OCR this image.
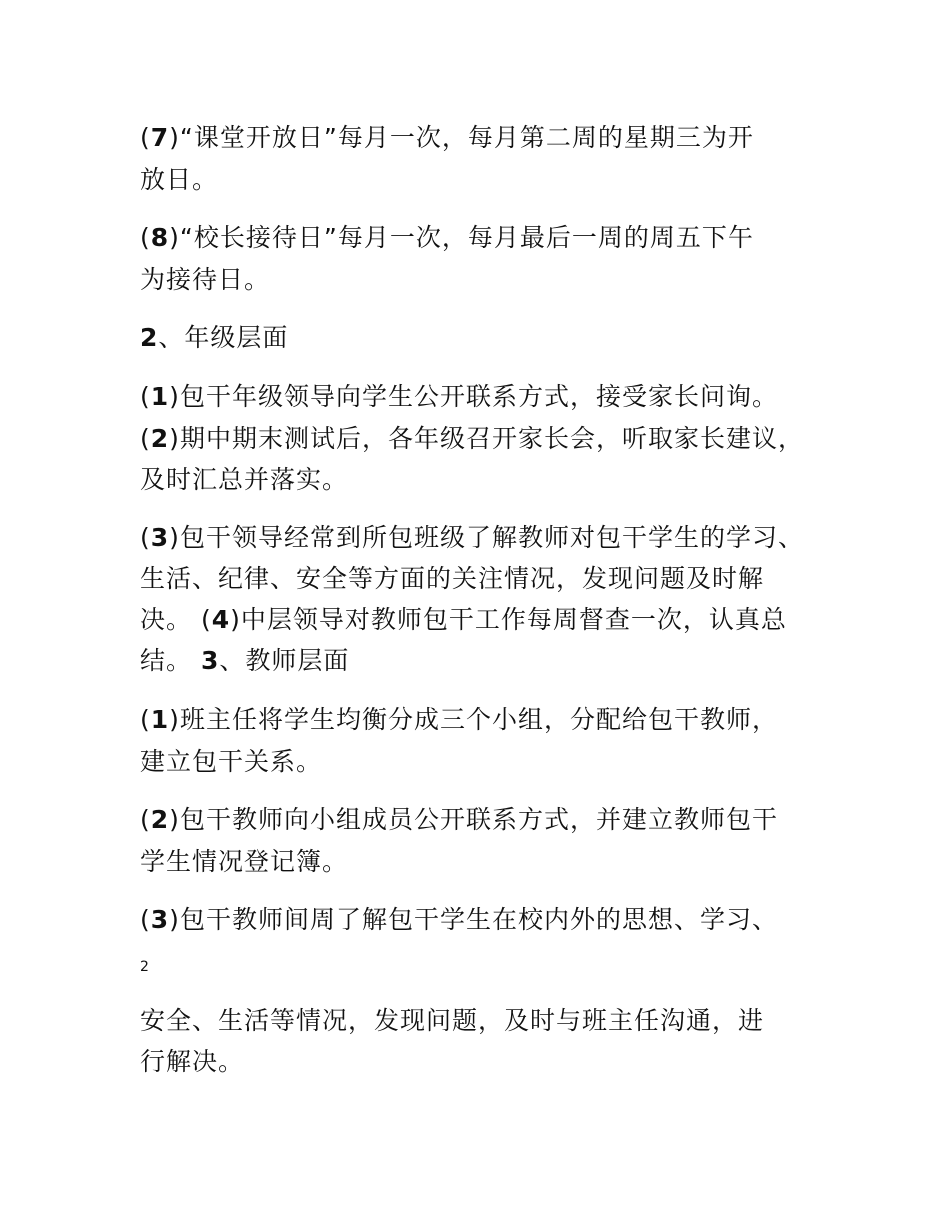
(7)“课堂开放日”每月一次，每月第二周的星期三为开
放日。
(8)“校长接待日”每月一次，每月最后一周的周五下午
为接待日。
2、年级层面
(1)包干年级领导向学生公开联系方式，接受家长问询。
(2)期中期末测试后，各年级召开家长会，听取家长建议，
及时汇总并落实。
(3)包干领导经常到所包班级了解教师对包干学生的学习、
生活、纪律、安全等方面的关注情况，发现问题及时解
决。 (4)中层领导对教师包干工作每周督查一次，认真总
结。 3、教师层面
(1)班主任将学生均衡分成三个小组，分配给包干教师，
建立包干关系。
(2)包干教师向小组成员公开联系方式，并建立教师包干
学生情况登记簿。
(3)包干教师间周了解包干学生在校内外的思想、学习、
2
安全、生活等情况，发现问题，及时与班主任沟通，进
行解决。
